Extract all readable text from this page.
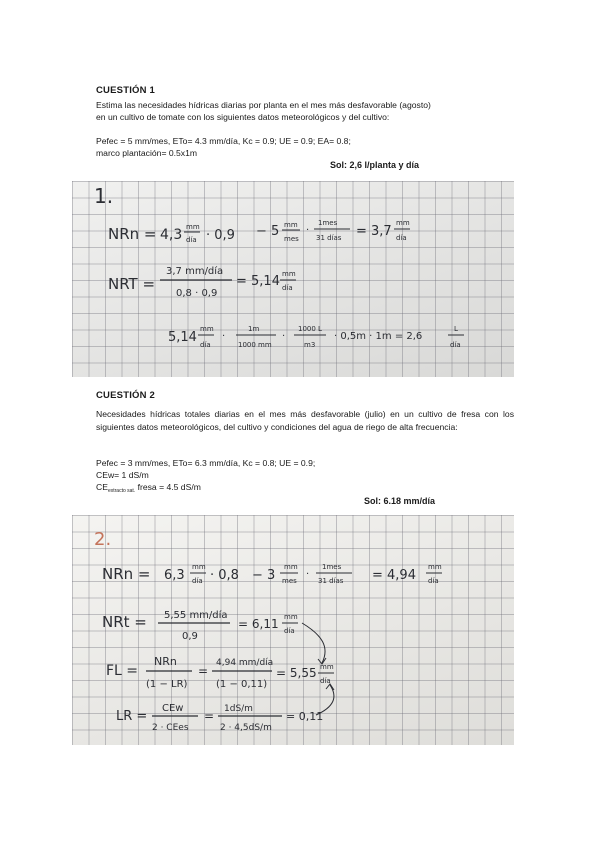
CUESTIÓN 1
Estima las necesidades hídricas diarias por planta en el mes más desfavorable (agosto)
en un cultivo de tomate con los siguientes datos meteorológicos y del cultivo:
Pefec = 5 mm/mes, ETo= 4.3 mm/día, Kc = 0.9; UE = 0.9; EA= 0.8;
marco plantación= 0.5x1m
Sol: 2,6 l/planta y día
1.
NRn = 4,3 mm
día · 0,9 − 5 mm
mes
·
1mes
31 días = 3,7
mm
día
NRT =
3,7 mm/día
0,8 · 0,9
= 5,14 mm
día
5,14
mm
día
·
1m
1000 mm
·
1000 L
m3
· 0,5m · 1m = 2,6
L
día
CUESTIÓN 2
Necesidades hídricas totales diarias en el mes más desfavorable (julio) en un cultivo de fresa con los siguientes datos meteorológicos, del cultivo y condiciones del agua de riego de alta frecuencia:
Pefec = 3 mm/mes, ETo= 6.3 mm/día, Kc = 0.8; UE = 0.9;
CEw= 1 dS/m
$CE_{extracto sat.}$ fresa = 4.5 dS/m
Sol: 6.18 mm/día
2.
NRn = 6,3
mm
día · 0,8 − 3
mm
mes
·
1mes
31 días = 4,94
mm
día
NRt = 5,55 mm/día
0,9
= 6,11 mm
día
FL =
NRn
(1 − LR)
=
4,94 mm/día
(1 − 0,11)
= 5,55 mm
día
LR =
CEw
2 · CEes
= 1dS/m
2 · 4,5dS/m
= 0,11
